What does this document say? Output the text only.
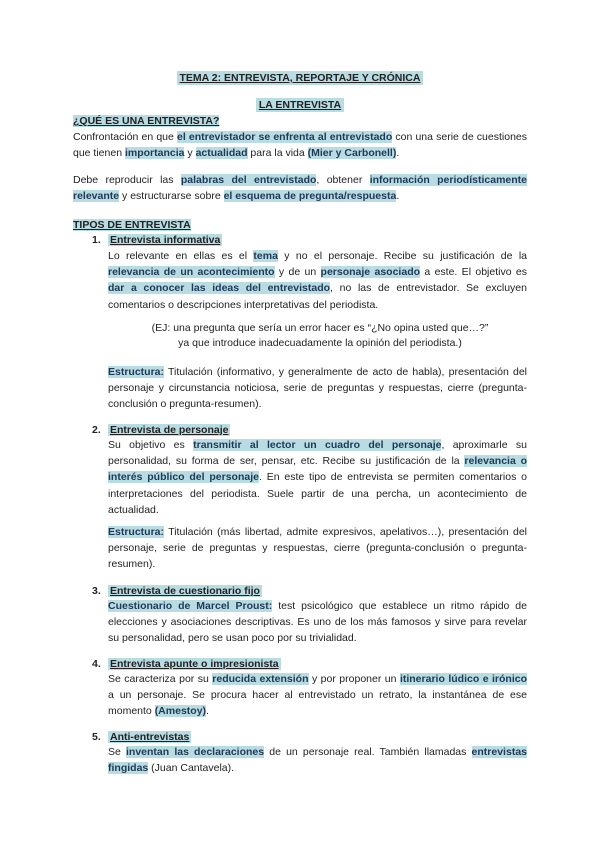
TEMA 2: ENTREVISTA, REPORTAJE Y CRÓNICA
LA ENTREVISTA
¿QUÉ ES UNA ENTREVISTA?
Confrontación en que el entrevistador se enfrenta al entrevistado con una serie de cuestiones que tienen importancia y actualidad para la vida (Mier y Carbonell).
Debe reproducir las palabras del entrevistado, obtener información periodísticamente relevante y estructurarse sobre el esquema de pregunta/respuesta.
TIPOS DE ENTREVISTA
1. Entrevista informativa
Lo relevante en ellas es el tema y no el personaje. Recibe su justificación de la relevancia de un acontecimiento y de un personaje asociado a este. El objetivo es dar a conocer las ideas del entrevistado, no las de entrevistador. Se excluyen comentarios o descripciones interpretativas del periodista.
(EJ: una pregunta que sería un error hacer es “¿No opina usted que…?”
ya que introduce inadecuadamente la opinión del periodista.)
Estructura: Titulación (informativo, y generalmente de acto de habla), presentación del personaje y circunstancia noticiosa, serie de preguntas y respuestas, cierre (pregunta-conclusión o pregunta-resumen).
2. Entrevista de personaje
Su objetivo es transmitir al lector un cuadro del personaje, aproximarle su personalidad, su forma de ser, pensar, etc. Recibe su justificación de la relevancia o interés público del personaje. En este tipo de entrevista se permiten comentarios o interpretaciones del periodista. Suele partir de una percha, un acontecimiento de actualidad.
Estructura: Titulación (más libertad, admite expresivos, apelativos…), presentación del personaje, serie de preguntas y respuestas, cierre (pregunta-conclusión o pregunta-resumen).
3. Entrevista de cuestionario fijo
Cuestionario de Marcel Proust: test psicológico que establece un ritmo rápido de elecciones y asociaciones descriptivas. Es uno de los más famosos y sirve para revelar su personalidad, pero se usan poco por su trivialidad.
4. Entrevista apunte o impresionista
Se caracteriza por su reducida extensión y por proponer un itinerario lúdico e irónico a un personaje. Se procura hacer al entrevistado un retrato, la instantánea de ese momento (Amestoy).
5. Anti-entrevistas
Se inventan las declaraciones de un personaje real. También llamadas entrevistas fingidas (Juan Cantavela).
